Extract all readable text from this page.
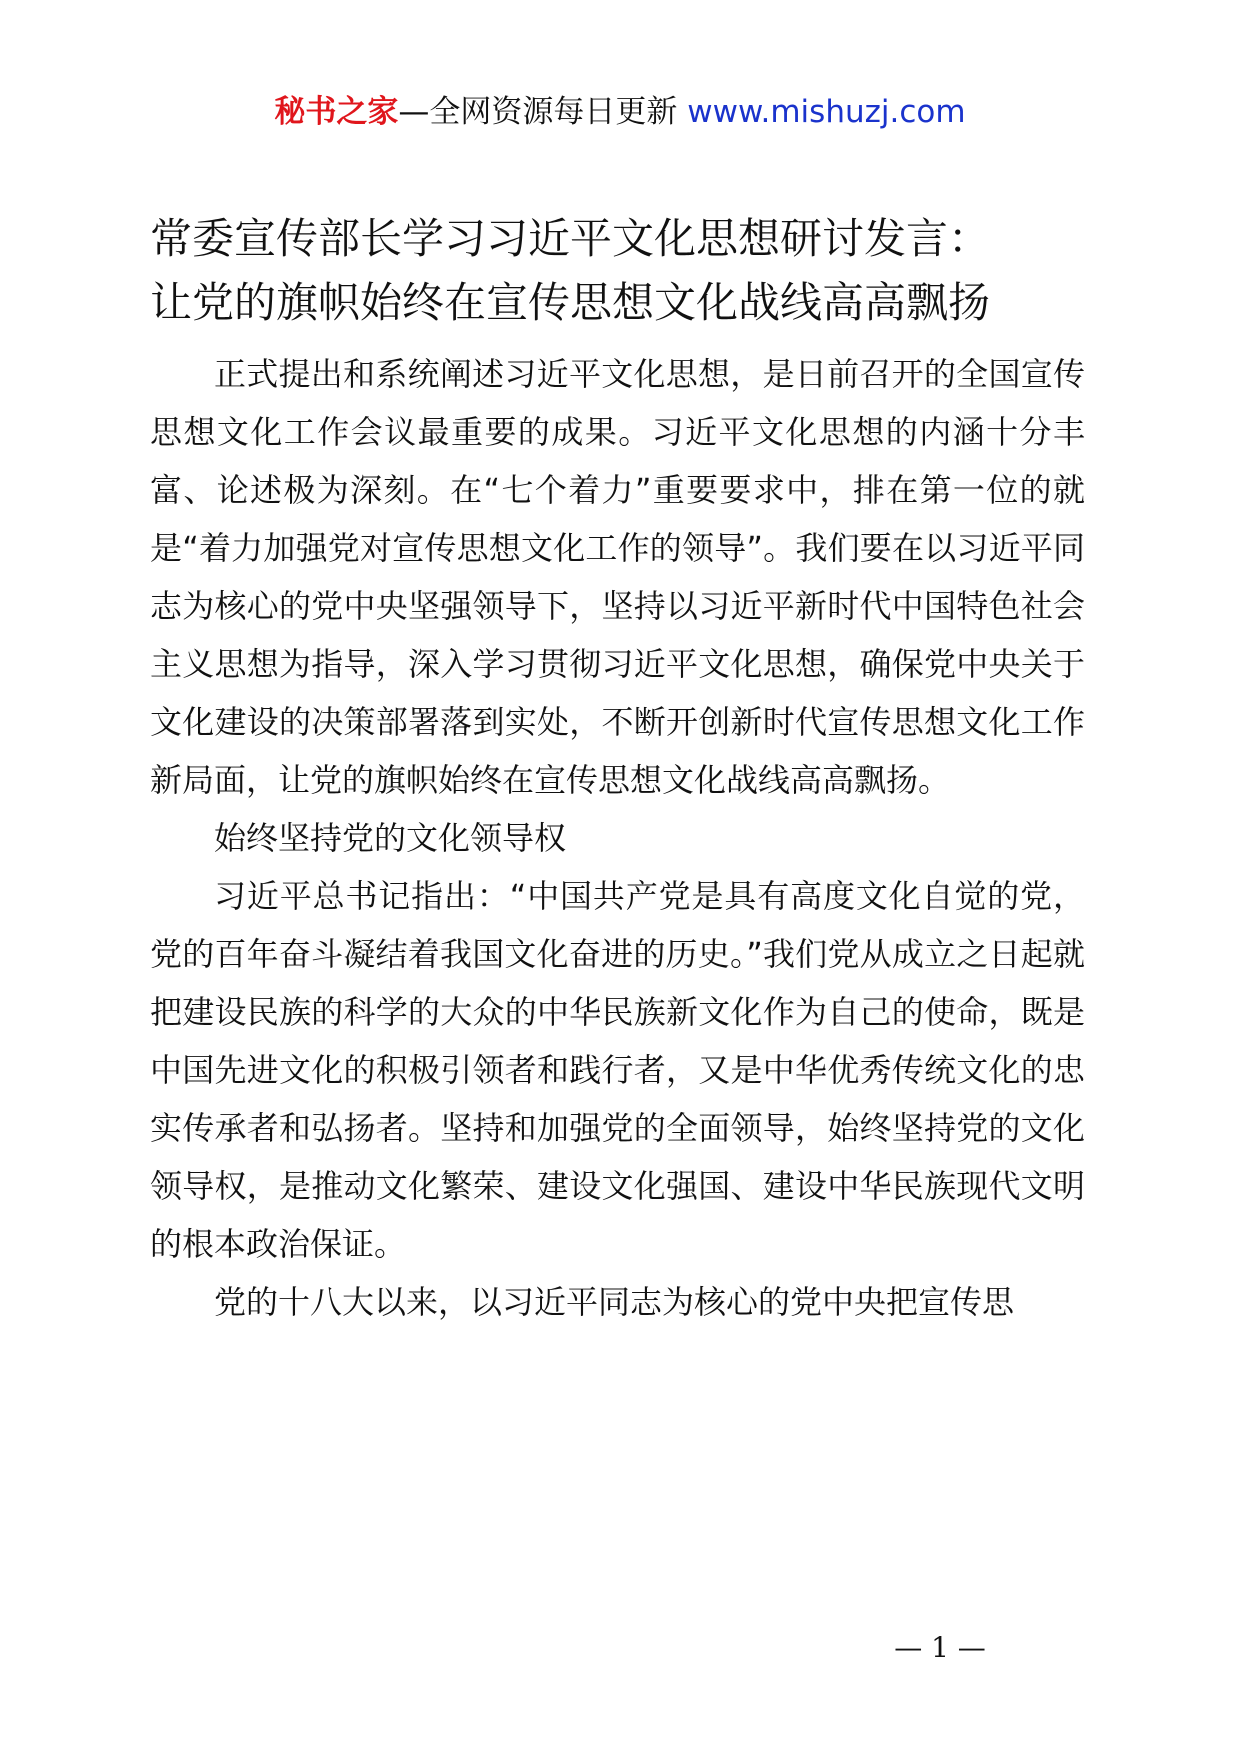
秘书之家—全网资源每日更新 www.mishuzj.com
常委宣传部长学习习近平文化思想研讨发言：
让党的旗帜始终在宣传思想文化战线高高飘扬

正式提出和系统阐述习近平文化思想，是日前召开的全国宣传思想文化工作会议最重要的成果。习近平文化思想的内涵十分丰富、论述极为深刻。在“七个着力”重要要求中，排在第一位的就是“着力加强党对宣传思想文化工作的领导”。我们要在以习近平同志为核心的党中央坚强领导下，坚持以习近平新时代中国特色社会主义思想为指导，深入学习贯彻习近平文化思想，确保党中央关于文化建设的决策部署落到实处，不断开创新时代宣传思想文化工作新局面，让党的旗帜始终在宣传思想文化战线高高飘扬。

始终坚持党的文化领导权

习近平总书记指出：“中国共产党是具有高度文化自觉的党，党的百年奋斗凝结着我国文化奋进的历史。”我们党从成立之日起就把建设民族的科学的大众的中华民族新文化作为自己的使命，既是中国先进文化的积极引领者和践行者，又是中华优秀传统文化的忠实传承者和弘扬者。坚持和加强党的全面领导，始终坚持党的文化领导权，是推动文化繁荣、建设文化强国、建设中华民族现代文明的根本政治保证。

党的十八大以来，以习近平同志为核心的党中央把宣传思

— 1 —
